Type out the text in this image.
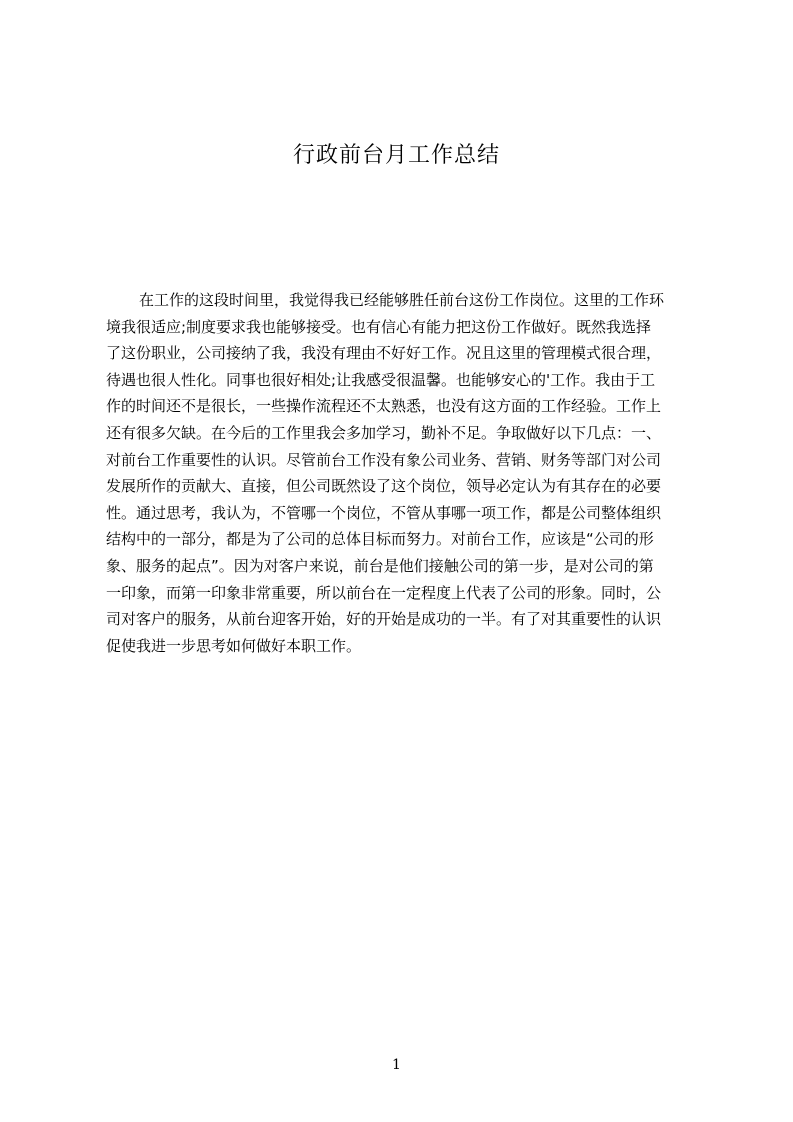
行政前台月工作总结
在工作的这段时间里，我觉得我已经能够胜任前台这份工作岗位。这里的工作环
境我很适应;制度要求我也能够接受。也有信心有能力把这份工作做好。既然我选择
了这份职业，公司接纳了我，我没有理由不好好工作。况且这里的管理模式很合理，
待遇也很人性化。同事也很好相处;让我感受很温馨。也能够安心的'工作。我由于工
作的时间还不是很长，一些操作流程还不太熟悉，也没有这方面的工作经验。工作上
还有很多欠缺。在今后的工作里我会多加学习，勤补不足。争取做好以下几点：一、
对前台工作重要性的认识。尽管前台工作没有象公司业务、营销、财务等部门对公司
发展所作的贡献大、直接，但公司既然设了这个岗位，领导必定认为有其存在的必要
性。通过思考，我认为，不管哪一个岗位，不管从事哪一项工作，都是公司整体组织
结构中的一部分，都是为了公司的总体目标而努力。对前台工作，应该是“公司的形
象、服务的起点”。因为对客户来说，前台是他们接触公司的第一步，是对公司的第
一印象，而第一印象非常重要，所以前台在一定程度上代表了公司的形象。同时，公
司对客户的服务，从前台迎客开始，好的开始是成功的一半。有了对其重要性的认识
促使我进一步思考如何做好本职工作。
1
